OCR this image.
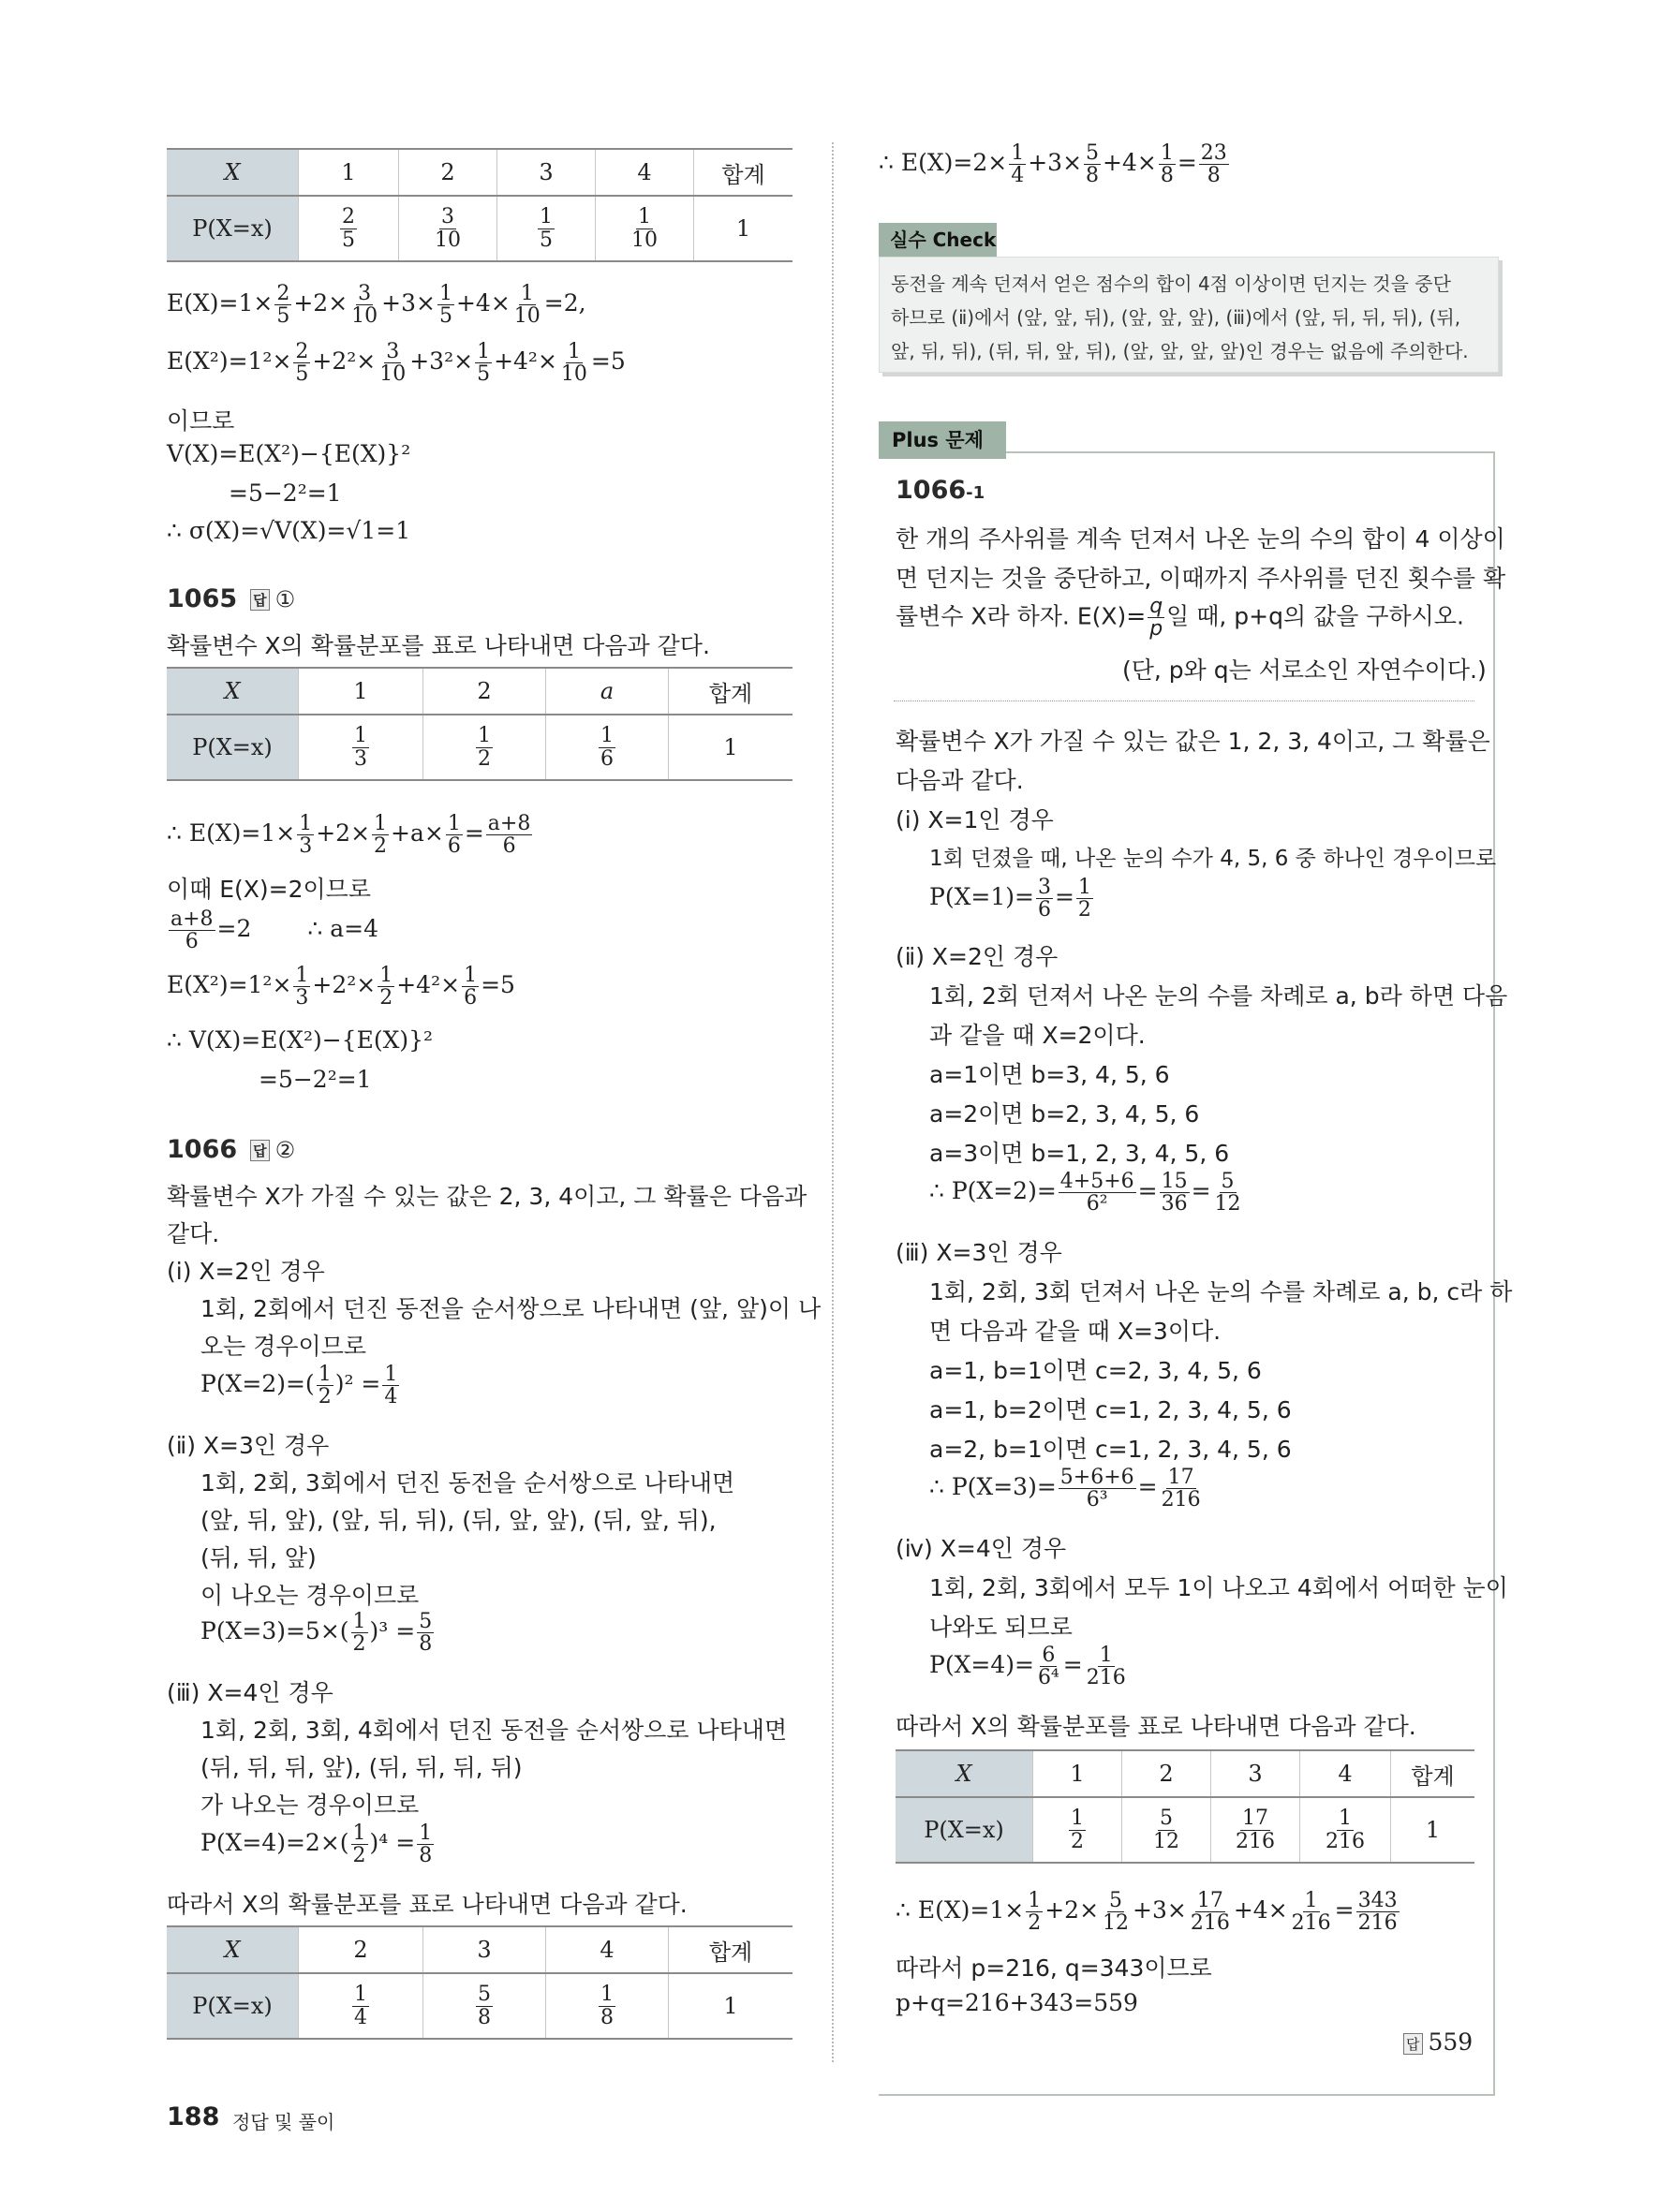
X	1	2	3	4	합계
P(X=x)	$\frac{2}{5}$	$\frac{3}{10}$	$\frac{1}{5}$	$\frac{1}{10}$	1
$E(X)=1\times \frac{2}{5} +2\times \frac{3}{10} +3\times \frac{1}{5} +4\times \frac{1}{10} =2$,
$E(X^2)=1^2\times \frac{2}{5} +2^2\times \frac{3}{10} +3^2\times \frac{1}{5} +4^2\times \frac{1}{10} =5$
이므로
V(X)=E(X²)−{E(X)}²
=5−2²=1
∴ σ(X)=√V(X)=√1=1
1065 답 ①
확률변수 X의 확률분포를 표로 나타내면 다음과 같다.
X	1	2	a	합계
P(X=x)	$\frac{1}{3}$	$\frac{1}{2}$	$\frac{1}{6}$	1
∴ $E(X)=1\times \frac{1}{3} +2\times \frac{1}{2} +a\times \frac{1}{6} = \frac{a+8}{6}$
이때 E(X)=2이므로
$\frac{a+8}{6} =2$ ∴ a=4
$E(X^2)=1^2\times \frac{1}{3} +2^2\times \frac{1}{2} +4^2\times \frac{1}{6} =5$
∴ V(X)=E(X²)−{E(X)}²
=5−2²=1
1066 답 ②
확률변수 X가 가질 수 있는 값은 2, 3, 4이고, 그 확률은 다음과
같다.
(ⅰ) X=2인 경우
1회, 2회에서 던진 동전을 순서쌍으로 나타내면 (앞, 앞)이 나
오는 경우이므로
$P(X=2)=( \frac{1}{2} )^2 = \frac{1}{4}$
(ⅱ) X=3인 경우
1회, 2회, 3회에서 던진 동전을 순서쌍으로 나타내면
(앞, 뒤, 앞), (앞, 뒤, 뒤), (뒤, 앞, 앞), (뒤, 앞, 뒤),
(뒤, 뒤, 앞)
이 나오는 경우이므로
$P(X=3)=5\times( \frac{1}{2} )^3 = \frac{5}{8}$
(ⅲ) X=4인 경우
1회, 2회, 3회, 4회에서 던진 동전을 순서쌍으로 나타내면
(뒤, 뒤, 뒤, 앞), (뒤, 뒤, 뒤, 뒤)
가 나오는 경우이므로
$P(X=4)=2\times( \frac{1}{2} )^4 = \frac{1}{8}$
따라서 X의 확률분포를 표로 나타내면 다음과 같다.
X	2	3	4	합계
P(X=x)	$\frac{1}{4}$	$\frac{5}{8}$	$\frac{1}{8}$	1
∴ $E(X)=2\times \frac{1}{4} +3\times \frac{5}{8} +4\times \frac{1}{8} = \frac{23}{8}$
실수 Check
동전을 계속 던져서 얻은 점수의 합이 4점 이상이면 던지는 것을 중단
하므로 (ⅱ)에서 (앞, 앞, 뒤), (앞, 앞, 앞), (ⅲ)에서 (앞, 뒤, 뒤, 뒤), (뒤,
앞, 뒤, 뒤), (뒤, 뒤, 앞, 뒤), (앞, 앞, 앞, 앞)인 경우는 없음에 주의한다.
Plus 문제
1066-1
한 개의 주사위를 계속 던져서 나온 눈의 수의 합이 4 이상이
면 던지는 것을 중단하고, 이때까지 주사위를 던진 횟수를 확
률변수 X라 하자. $E(X)= \frac{q}{p}$ 일 때, p+q의 값을 구하시오.
(단, p와 q는 서로소인 자연수이다.)
확률변수 X가 가질 수 있는 값은 1, 2, 3, 4이고, 그 확률은
다음과 같다.
(ⅰ) X=1인 경우
1회 던졌을 때, 나온 눈의 수가 4, 5, 6 중 하나인 경우이므로
$P(X=1)= \frac{3}{6} = \frac{1}{2}$
(ⅱ) X=2인 경우
1회, 2회 던져서 나온 눈의 수를 차례로 a, b라 하면 다음
과 같을 때 X=2이다.
a=1이면 b=3, 4, 5, 6
a=2이면 b=2, 3, 4, 5, 6
a=3이면 b=1, 2, 3, 4, 5, 6
∴ $P(X=2)= \frac{4+5+6}{\text{6²}} = \frac{15}{36} = \frac{5}{12}$
(ⅲ) X=3인 경우
1회, 2회, 3회 던져서 나온 눈의 수를 차례로 a, b, c라 하
면 다음과 같을 때 X=3이다.
a=1, b=1이면 c=2, 3, 4, 5, 6
a=1, b=2이면 c=1, 2, 3, 4, 5, 6
a=2, b=1이면 c=1, 2, 3, 4, 5, 6
∴ $P(X=3)= \frac{5+6+6}{\text{6³}} = \frac{17}{216}$
(ⅳ) X=4인 경우
1회, 2회, 3회에서 모두 1이 나오고 4회에서 어떠한 눈이
나와도 되므로
$P(X=4)= \frac{6}{\text{6⁴}} = \frac{1}{216}$
따라서 X의 확률분포를 표로 나타내면 다음과 같다.
X	1	2	3	4	합계
P(X=x)	$\frac{1}{2}$	$\frac{5}{12}$	$\frac{17}{216}$	$\frac{1}{216}$	1
∴ $E(X)=1\times \frac{1}{2} +2\times \frac{5}{12} +3\times \frac{17}{216} +4\times \frac{1}{216} = \frac{343}{216}$
따라서 p=216, q=343이므로
p+q=216+343=559
답 559
188 정답 및 풀이
